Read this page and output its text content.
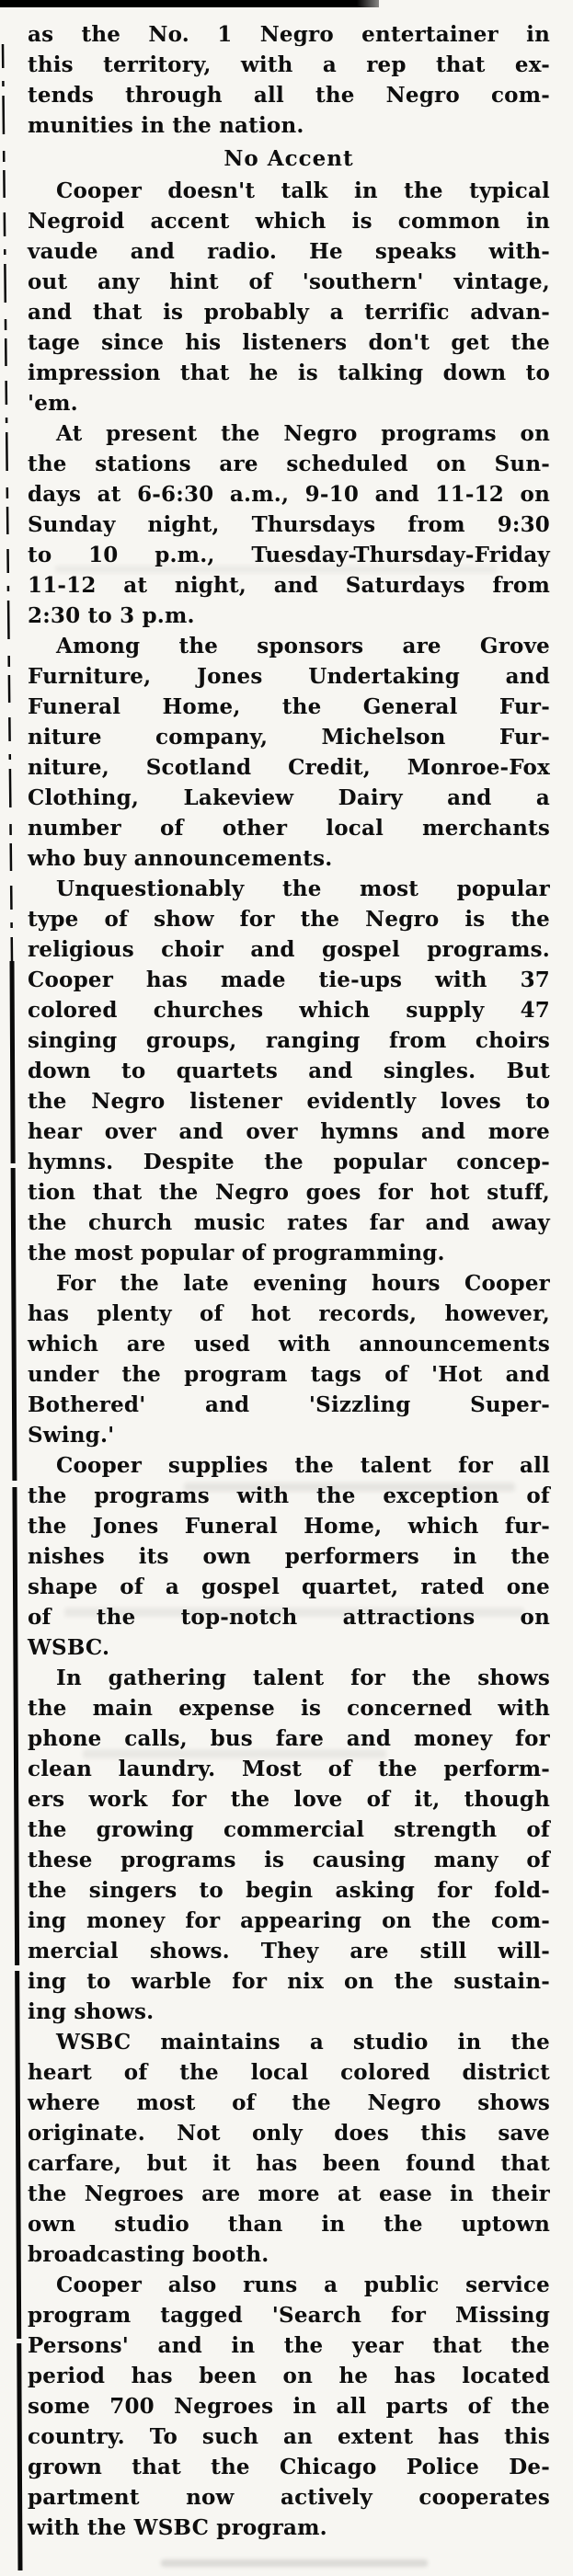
as the No. 1 Negro entertainer in
this territory, with a rep that ex-
tends through all the Negro com-
munities in the nation.

No Accent

Cooper doesn't talk in the typical
Negroid accent which is common in
vaude and radio. He speaks with-
out any hint of 'southern' vintage,
and that is probably a terrific advan-
tage since his listeners don't get the
impression that he is talking down to
'em.

At present the Negro programs on
the stations are scheduled on Sun-
days at 6-6:30 a.m., 9-10 and 11-12 on
Sunday night, Thursdays from 9:30
to 10 p.m., Tuesday-Thursday-Friday
11-12 at night, and Saturdays from
2:30 to 3 p.m.

Among the sponsors are Grove
Furniture, Jones Undertaking and
Funeral Home, the General Fur-
niture company, Michelson Fur-
niture, Scotland Credit, Monroe-Fox
Clothing, Lakeview Dairy and a
number of other local merchants
who buy announcements.

Unquestionably the most popular
type of show for the Negro is the
religious choir and gospel programs.
Cooper has made tie-ups with 37
colored churches which supply 47
singing groups, ranging from choirs
down to quartets and singles. But
the Negro listener evidently loves to
hear over and over hymns and more
hymns. Despite the popular concep-
tion that the Negro goes for hot stuff,
the church music rates far and away
the most popular of programming.

For the late evening hours Cooper
has plenty of hot records, however,
which are used with announcements
under the program tags of 'Hot and
Bothered' and 'Sizzling Super-
Swing.'

Cooper supplies the talent for all
the programs with the exception of
the Jones Funeral Home, which fur-
nishes its own performers in the
shape of a gospel quartet, rated one
of the top-notch attractions on
WSBC.

In gathering talent for the shows
the main expense is concerned with
phone calls, bus fare and money for
clean laundry. Most of the perform-
ers work for the love of it, though
the growing commercial strength of
these programs is causing many of
the singers to begin asking for fold-
ing money for appearing on the com-
mercial shows. They are still will-
ing to warble for nix on the sustain-
ing shows.

WSBC maintains a studio in the
heart of the local colored district
where most of the Negro shows
originate. Not only does this save
carfare, but it has been found that
the Negroes are more at ease in their
own studio than in the uptown
broadcasting booth.

Cooper also runs a public service
program tagged 'Search for Missing
Persons' and in the year that the
period has been on he has located
some 700 Negroes in all parts of the
country. To such an extent has this
grown that the Chicago Police De-
partment now actively cooperates
with the WSBC program.
